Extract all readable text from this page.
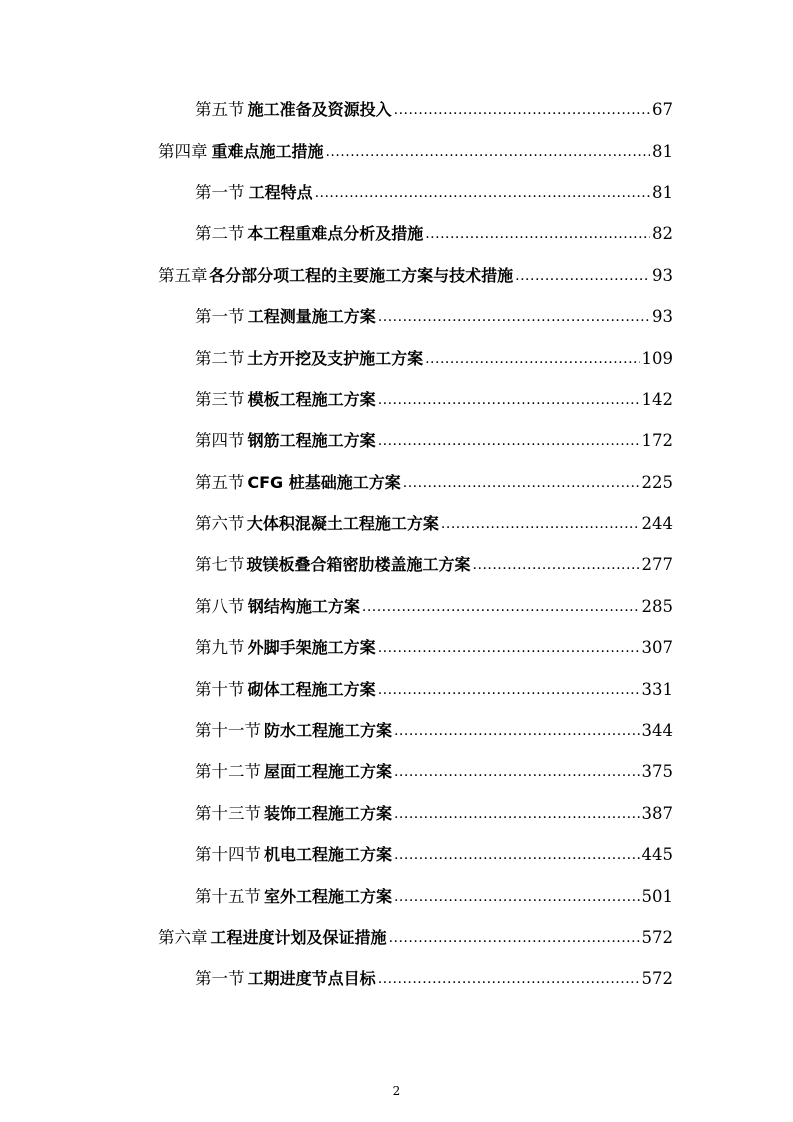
第五节 施工准备及资源投入 .....	67
第四章 重难点施工措施 .....	81
第一节 工程特点 .....	81
第二节 本工程重难点分析及措施 .....	82
第五章 各分部分项工程的主要施工方案与技术措施 .....	93
第一节 工程测量施工方案 .....	93
第二节 土方开挖及支护施工方案 .....	109
第三节 模板工程施工方案 .....	142
第四节 钢筋工程施工方案 .....	172
第五节 CFG 桩基础施工方案 .....	225
第六节 大体积混凝土工程施工方案 .....	244
第七节 玻镁板叠合箱密肋楼盖施工方案 .....	277
第八节 钢结构施工方案 .....	285
第九节 外脚手架施工方案 .....	307
第十节 砌体工程施工方案 .....	331
第十一节 防水工程施工方案 .....	344
第十二节 屋面工程施工方案 .....	375
第十三节 装饰工程施工方案 .....	387
第十四节 机电工程施工方案 .....	445
第十五节 室外工程施工方案 .....	501
第六章 工程进度计划及保证措施 .....	572
第一节 工期进度节点目标 .....	572
2
